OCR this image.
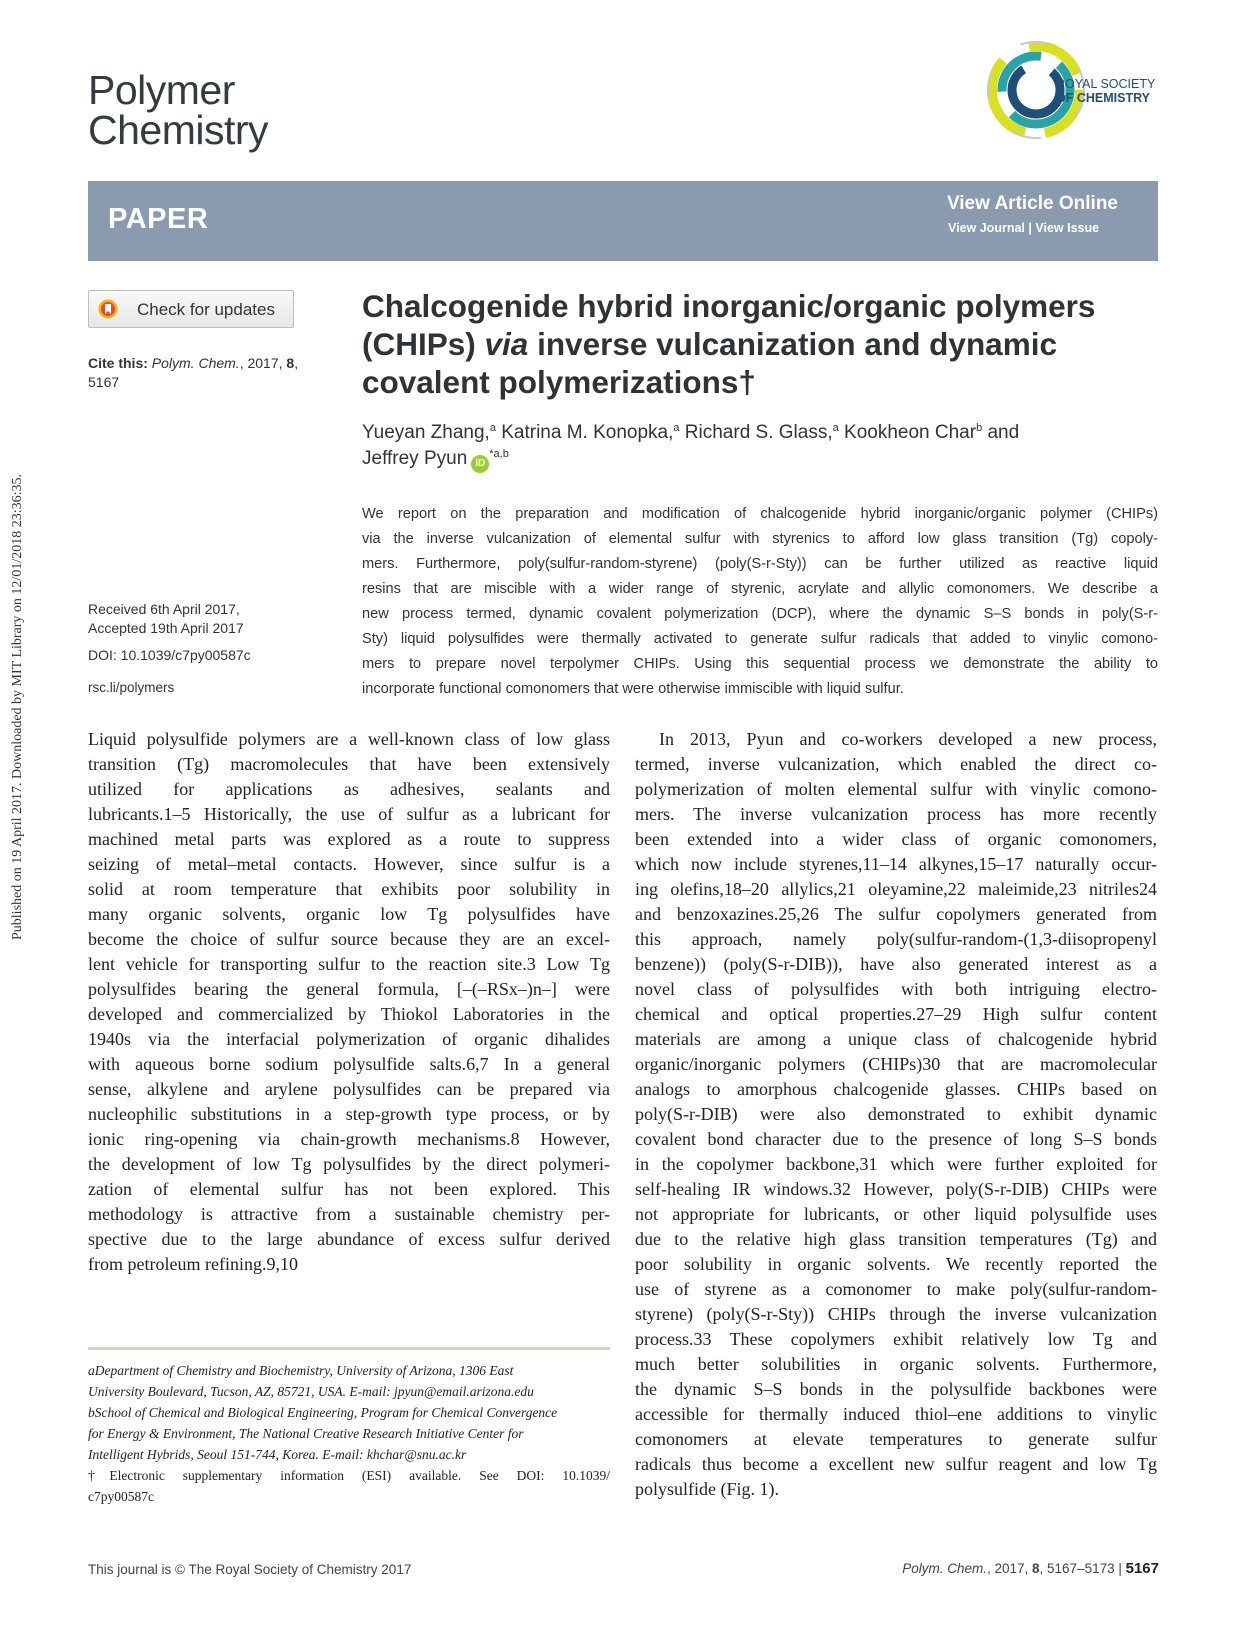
Published on 19 April 2017. Downloaded by MIT Library on 12/01/2018 23:36:35.
Polymer
Chemistry
ROYAL SOCIETY
OF CHEMISTRY
PAPER	View Article Online
View Journal | View Issue
Check for updates
Cite this: Polym. Chem., 2017, 8,
5167
Received 6th April 2017,
Accepted 19th April 2017
DOI: 10.1039/c7py00587c
rsc.li/polymers
Chalcogenide hybrid inorganic/organic polymers
(CHIPs) via inverse vulcanization and dynamic
covalent polymerizations†
Yueyan Zhang,$^a$ Katrina M. Konopka,$^a$ Richard S. Glass,$^a$ Kookheon Char$^b$ and
Jeffrey Pyun iD$^{*a,b}$
We report on the preparation and modification of chalcogenide hybrid inorganic/organic polymer (CHIPs)
via the inverse vulcanization of elemental sulfur with styrenics to afford low glass transition (Tg) copoly-
mers. Furthermore, poly(sulfur-random-styrene) (poly(S-r-Sty)) can be further utilized as reactive liquid
resins that are miscible with a wider range of styrenic, acrylate and allylic comonomers. We describe a
new process termed, dynamic covalent polymerization (DCP), where the dynamic S–S bonds in poly(S-r-
Sty) liquid polysulfides were thermally activated to generate sulfur radicals that added to vinylic comono-
mers to prepare novel terpolymer CHIPs. Using this sequential process we demonstrate the ability to
incorporate functional comonomers that were otherwise immiscible with liquid sulfur.
Liquid polysulfide polymers are a well-known class of low glass
transition (Tg) macromolecules that have been extensively
utilized for applications as adhesives, sealants and
lubricants.1–5 Historically, the use of sulfur as a lubricant for
machined metal parts was explored as a route to suppress
seizing of metal–metal contacts. However, since sulfur is a
solid at room temperature that exhibits poor solubility in
many organic solvents, organic low Tg polysulfides have
become the choice of sulfur source because they are an excel-
lent vehicle for transporting sulfur to the reaction site.3 Low Tg
polysulfides bearing the general formula, [–(–RSx–)n–] were
developed and commercialized by Thiokol Laboratories in the
1940s via the interfacial polymerization of organic dihalides
with aqueous borne sodium polysulfide salts.6,7 In a general
sense, alkylene and arylene polysulfides can be prepared via
nucleophilic substitutions in a step-growth type process, or by
ionic ring-opening via chain-growth mechanisms.8 However,
the development of low Tg polysulfides by the direct polymeri-
zation of elemental sulfur has not been explored. This
methodology is attractive from a sustainable chemistry per-
spective due to the large abundance of excess sulfur derived
from petroleum refining.9,10
In 2013, Pyun and co-workers developed a new process,
termed, inverse vulcanization, which enabled the direct co-
polymerization of molten elemental sulfur with vinylic comono-
mers. The inverse vulcanization process has more recently
been extended into a wider class of organic comonomers,
which now include styrenes,11–14 alkynes,15–17 naturally occur-
ing olefins,18–20 allylics,21 oleyamine,22 maleimide,23 nitriles24
and benzoxazines.25,26 The sulfur copolymers generated from
this approach, namely poly(sulfur-random-(1,3-diisopropenyl
benzene)) (poly(S-r-DIB)), have also generated interest as a
novel class of polysulfides with both intriguing electro-
chemical and optical properties.27–29 High sulfur content
materials are among a unique class of chalcogenide hybrid
organic/inorganic polymers (CHIPs)30 that are macromolecular
analogs to amorphous chalcogenide glasses. CHIPs based on
poly(S-r-DIB) were also demonstrated to exhibit dynamic
covalent bond character due to the presence of long S–S bonds
in the copolymer backbone,31 which were further exploited for
self-healing IR windows.32 However, poly(S-r-DIB) CHIPs were
not appropriate for lubricants, or other liquid polysulfide uses
due to the relative high glass transition temperatures (Tg) and
poor solubility in organic solvents. We recently reported the
use of styrene as a comonomer to make poly(sulfur-random-
styrene) (poly(S-r-Sty)) CHIPs through the inverse vulcanization
process.33 These copolymers exhibit relatively low Tg and
much better solubilities in organic solvents. Furthermore,
the dynamic S–S bonds in the polysulfide backbones were
accessible for thermally induced thiol–ene additions to vinylic
comonomers at elevate temperatures to generate sulfur
radicals thus become a excellent new sulfur reagent and low Tg
polysulfide (Fig. 1).
aDepartment of Chemistry and Biochemistry, University of Arizona, 1306 East
University Boulevard, Tucson, AZ, 85721, USA. E-mail: jpyun@email.arizona.edu
bSchool of Chemical and Biological Engineering, Program for Chemical Convergence
for Energy & Environment, The National Creative Research Initiative Center for
Intelligent Hybrids, Seoul 151-744, Korea. E-mail: khchar@snu.ac.kr
†Electronic supplementary information (ESI) available. See DOI: 10.1039/
c7py00587c
This journal is © The Royal Society of Chemistry 2017	Polym. Chem., 2017, 8, 5167–5173 | 5167
